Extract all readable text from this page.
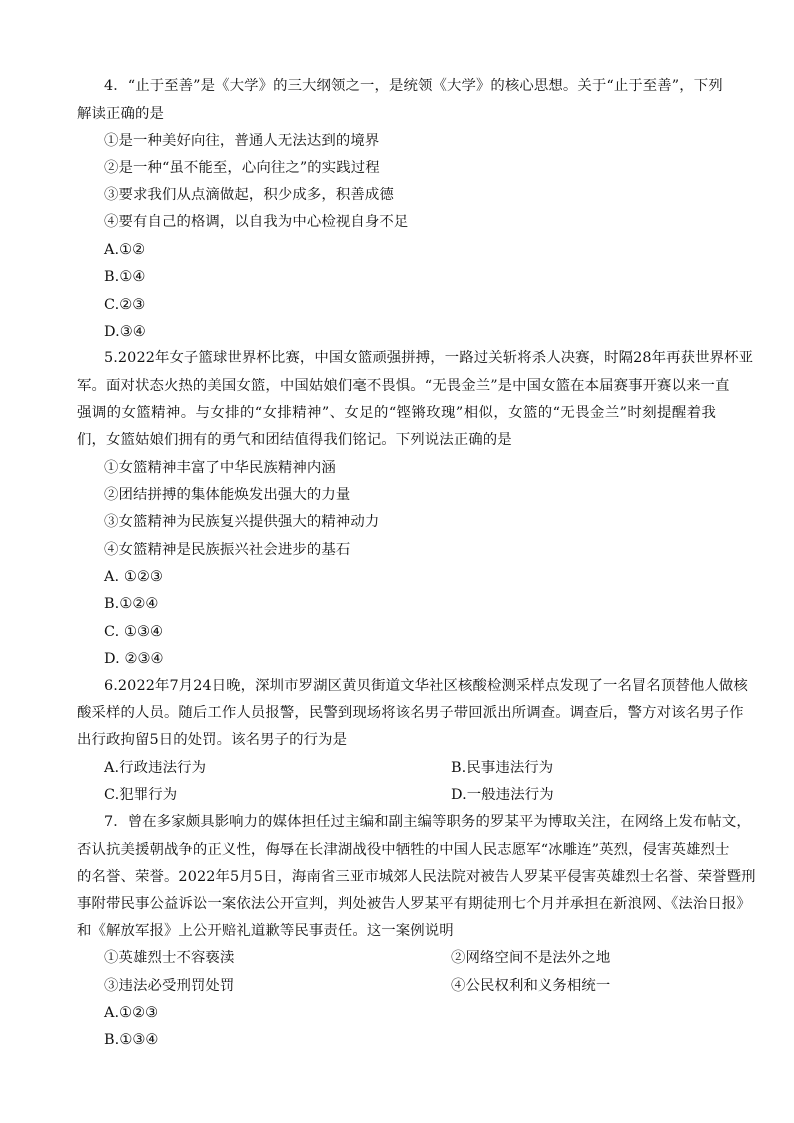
4．“止于至善”是《大学》的三大纲领之一，是统领《大学》的核心思想。关于“止于至善”，下列
解读正确的是
①是一种美好向往，普通人无法达到的境界
②是一种“虽不能至，心向往之”的实践过程
③要求我们从点滴做起，积少成多，积善成德
④要有自己的格调，以自我为中心检视自身不足
A.①②
B.①④
C.②③
D.③④
5.2022年女子篮球世界杯比赛，中国女篮顽强拼搏，一路过关斩将杀人决赛，时隔28年再获世界杯亚
军。面对状态火热的美国女篮，中国姑娘们毫不畏惧。“无畏金兰”是中国女篮在本届赛事开赛以来一直
强调的女篮精神。与女排的“女排精神”、女足的“铿锵玫瑰”相似，女篮的“无畏金兰”时刻提醒着我
们，女篮姑娘们拥有的勇气和团结值得我们铭记。下列说法正确的是
①女篮精神丰富了中华民族精神内涵
②团结拼搏的集体能焕发出强大的力量
③女篮精神为民族复兴提供强大的精神动力
④女篮精神是民族振兴社会进步的基石
A. ①②③
B.①②④
C. ①③④
D. ②③④
6.2022年7月24日晚，深圳市罗湖区黄贝街道文华社区核酸检测采样点发现了一名冒名顶替他人做核
酸采样的人员。随后工作人员报警，民警到现场将该名男子带回派出所调查。调查后，警方对该名男子作
出行政拘留5日的处罚。该名男子的行为是
A.行政违法行为	B.民事违法行为
C.犯罪行为	D.一般违法行为
7．曾在多家颇具影响力的媒体担任过主编和副主编等职务的罗某平为博取关注，在网络上发布帖文，
否认抗美援朝战争的正义性，侮辱在长津湖战役中牺牲的中国人民志愿军“冰雕连”英烈，侵害英雄烈士
的名誉、荣誉。2022年5月5日，海南省三亚市城郊人民法院对被告人罗某平侵害英雄烈士名誉、荣誉暨刑
事附带民事公益诉讼一案依法公开宣判，判处被告人罗某平有期徒刑七个月并承担在新浪网、《法治日报》
和《解放军报》上公开赔礼道歉等民事责任。这一案例说明
①英雄烈士不容亵渎	②网络空间不是法外之地
③违法必受刑罚处罚	④公民权利和义务相统一
A.①②③
B.①③④
